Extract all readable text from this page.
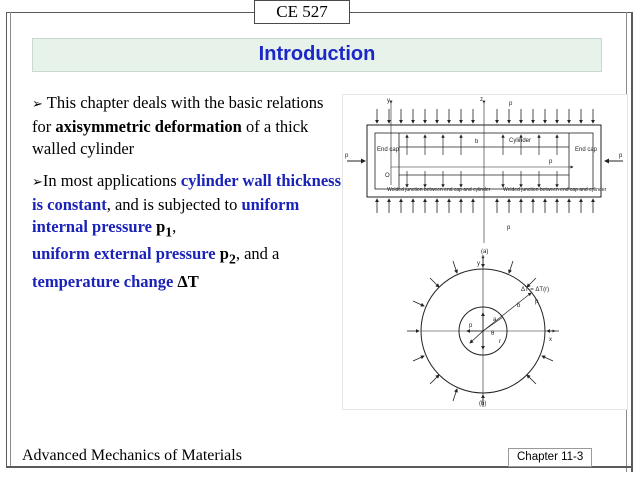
CE 527
Introduction

➢ This chapter deals with the basic relations for axisymmetric deformation of a thick walled cylinder

➢In most applications cylinder wall thickness is constant, and is subjected to uniform internal pressure $p_1$,
uniform external pressure $p_2$, and a
temperature change ΔT

y	z
p
p
b	Cylinder
End cap	End cap
p	p
p
O
Welded junction between end cap and cylinder	Welded junction between end cap and cylinder
(a)
y
x
ΔT = ΔT(r)
p
p
a
b
r
θ
(b)
Advanced Mechanics of Materials	Chapter 11-3
